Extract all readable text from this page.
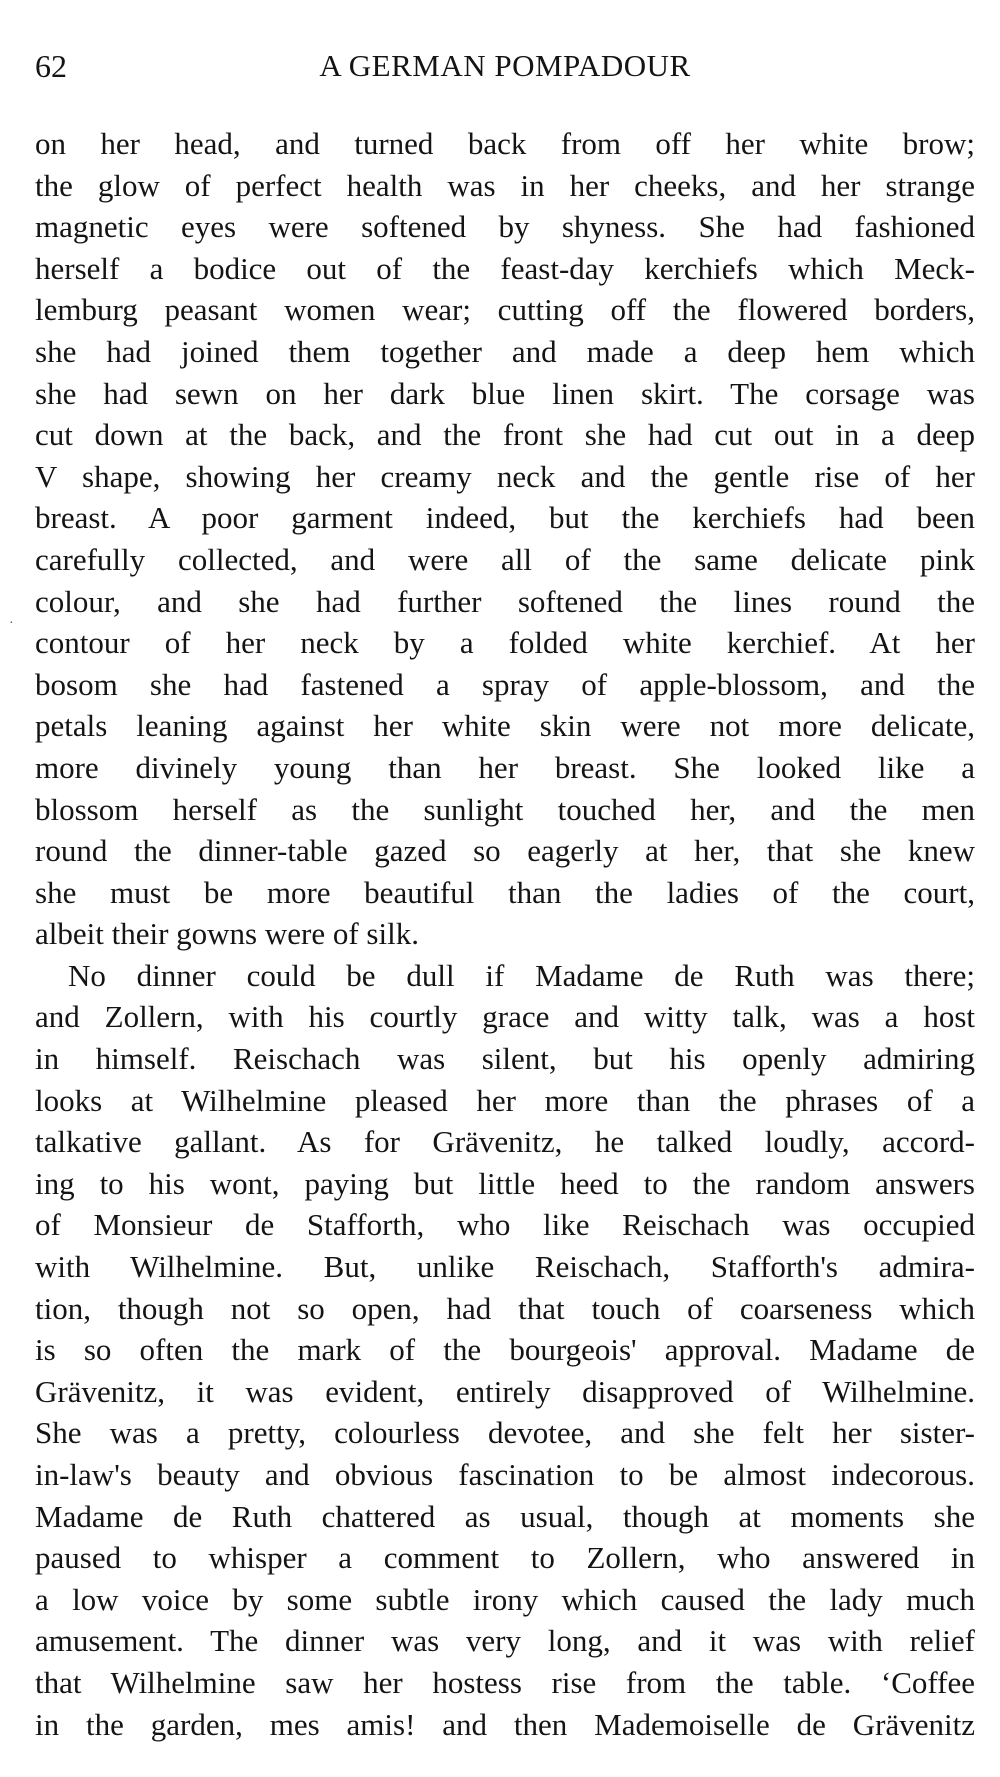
62	A GERMAN POMPADOUR
·
on her head, and turned back from off her white brow;
the glow of perfect health was in her cheeks, and her strange
magnetic eyes were softened by shyness. She had fashioned
herself a bodice out of the feast-day kerchiefs which Meck-
lemburg peasant women wear; cutting off the flowered borders,
she had joined them together and made a deep hem which
she had sewn on her dark blue linen skirt. The corsage was
cut down at the back, and the front she had cut out in a deep
V shape, showing her creamy neck and the gentle rise of her
breast. A poor garment indeed, but the kerchiefs had been
carefully collected, and were all of the same delicate pink
colour, and she had further softened the lines round the
contour of her neck by a folded white kerchief. At her
bosom she had fastened a spray of apple-blossom, and the
petals leaning against her white skin were not more delicate,
more divinely young than her breast. She looked like a
blossom herself as the sunlight touched her, and the men
round the dinner-table gazed so eagerly at her, that she knew
she must be more beautiful than the ladies of the court,
albeit their gowns were of silk.
No dinner could be dull if Madame de Ruth was there;
and Zollern, with his courtly grace and witty talk, was a host
in himself. Reischach was silent, but his openly admiring
looks at Wilhelmine pleased her more than the phrases of a
talkative gallant. As for Grävenitz, he talked loudly, accord-
ing to his wont, paying but little heed to the random answers
of Monsieur de Stafforth, who like Reischach was occupied
with Wilhelmine. But, unlike Reischach, Stafforth's admira-
tion, though not so open, had that touch of coarseness which
is so often the mark of the bourgeois' approval. Madame de
Grävenitz, it was evident, entirely disapproved of Wilhelmine.
She was a pretty, colourless devotee, and she felt her sister-
in-law's beauty and obvious fascination to be almost indecorous.
Madame de Ruth chattered as usual, though at moments she
paused to whisper a comment to Zollern, who answered in
a low voice by some subtle irony which caused the lady much
amusement. The dinner was very long, and it was with relief
that Wilhelmine saw her hostess rise from the table. ‘Coffee
in the garden, mes amis! and then Mademoiselle de Grävenitz
